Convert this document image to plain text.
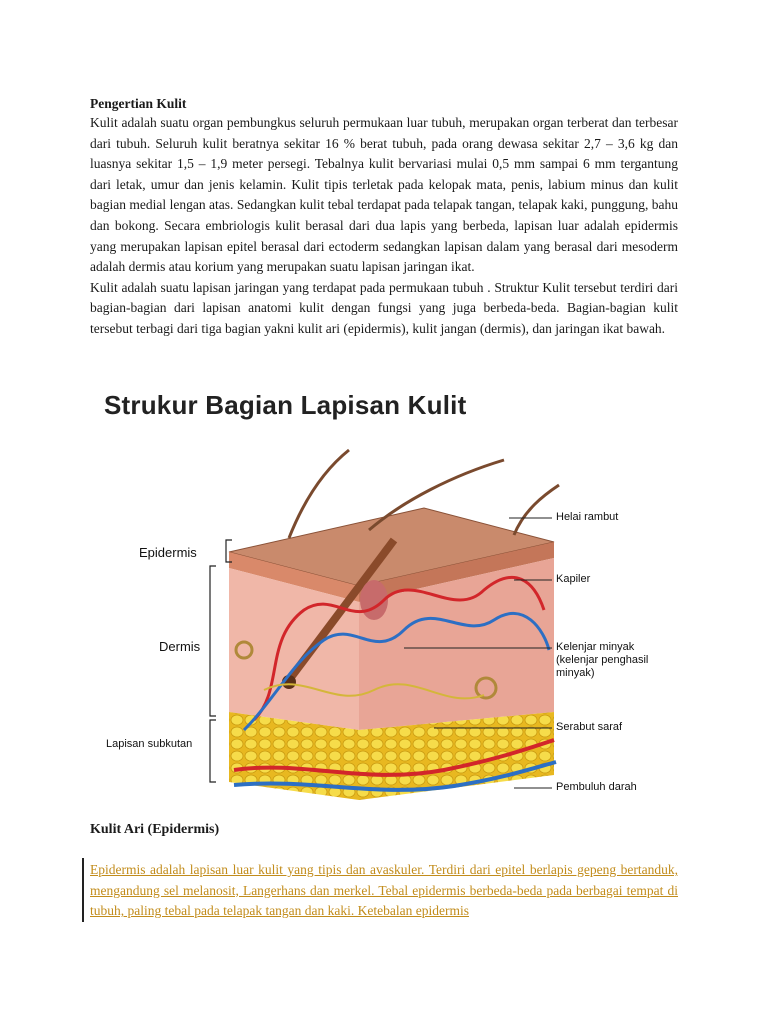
Pengertian Kulit

Kulit adalah suatu organ pembungkus seluruh permukaan luar tubuh, merupakan organ terberat dan terbesar dari tubuh. Seluruh kulit beratnya sekitar 16 % berat tubuh, pada orang dewasa sekitar 2,7 – 3,6 kg dan luasnya sekitar 1,5 – 1,9 meter persegi. Tebalnya kulit bervariasi mulai 0,5 mm sampai 6 mm tergantung dari letak, umur dan jenis kelamin. Kulit tipis terletak pada kelopak mata, penis, labium minus dan kulit bagian medial lengan atas. Sedangkan kulit tebal terdapat pada telapak tangan, telapak kaki, punggung, bahu dan bokong. Secara embriologis kulit berasal dari dua lapis yang berbeda, lapisan luar adalah epidermis yang merupakan lapisan epitel berasal dari ectoderm sedangkan lapisan dalam yang berasal dari mesoderm adalah dermis atau korium yang merupakan suatu lapisan jaringan ikat.

Kulit adalah suatu lapisan jaringan yang terdapat pada permukaan tubuh . Struktur Kulit tersebut terdiri dari bagian-bagian dari lapisan anatomi kulit dengan fungsi yang juga berbeda-beda. Bagian-bagian kulit tersebut terbagi dari tiga bagian yakni kulit ari (epidermis), kulit jangan (dermis), dan jaringan ikat bawah.

Strukur Bagian Lapisan Kulit
Epidermis
Dermis
Lapisan subkutan
Helai rambut
Kapiler
Kelenjar minyak
(kelenjar penghasil
minyak)
Serabut saraf
Pembuluh darah
Kulit Ari (Epidermis)
Epidermis adalah lapisan luar kulit yang tipis dan avaskuler. Terdiri dari epitel berlapis gepeng bertanduk, mengandung sel melanosit, Langerhans dan merkel. Tebal epidermis berbeda-beda pada berbagai tempat di tubuh, paling tebal pada telapak tangan dan kaki. Ketebalan epidermis
